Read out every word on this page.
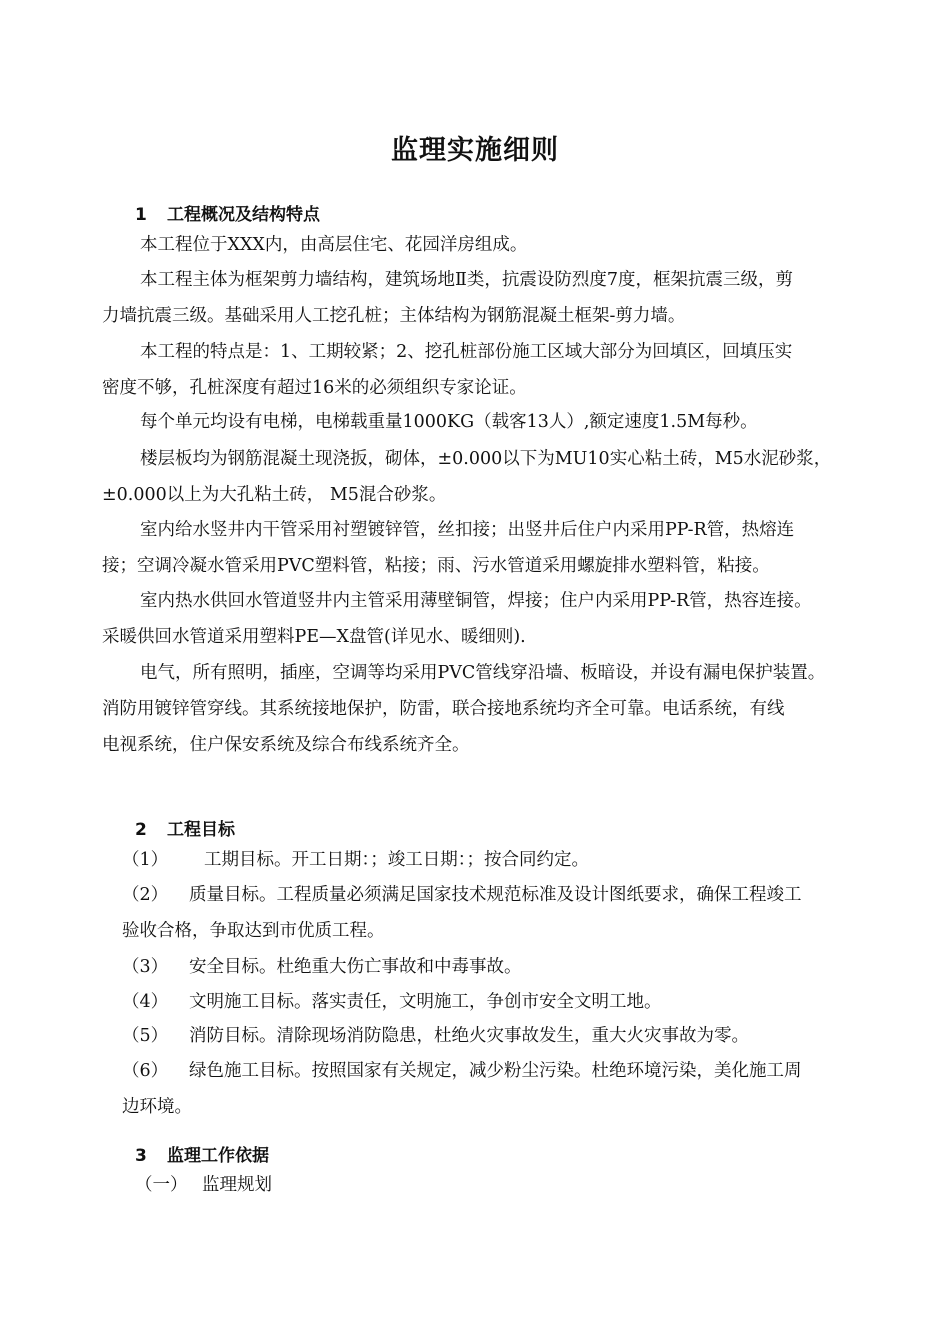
监理实施细则
1 工程概况及结构特点
本工程位于XXX内，由高层住宅、花园洋房组成。
本工程主体为框架剪力墙结构，建筑场地Ⅱ类，抗震设防烈度7度，框架抗震三级，剪
力墙抗震三级。基础采用人工挖孔桩；主体结构为钢筋混凝土框架-剪力墙。
本工程的特点是：1、工期较紧；2、挖孔桩部份施工区域大部分为回填区，回填压实
密度不够，孔桩深度有超过16米的必须组织专家论证。
每个单元均设有电梯，电梯载重量1000KG（载客13人）,额定速度1.5M每秒。
楼层板均为钢筋混凝土现浇扳，砌体，±0.000以下为MU10实心粘土砖，M5水泥砂浆，
±0.000以上为大孔粘土砖， M5混合砂浆。
室内给水竖井内干管采用衬塑镀锌管，丝扣接；出竖井后住户内采用PP-R管，热熔连
接；空调冷凝水管采用PVC塑料管，粘接；雨、污水管道采用螺旋排水塑料管，粘接。
室内热水供回水管道竖井内主管采用薄壁铜管，焊接；住户内采用PP-R管，热容连接。
采暖供回水管道采用塑料PE—X盘管(详见水、暖细则).
电气，所有照明，插座，空调等均采用PVC管线穿沿墙、板暗设，并设有漏电保护装置。
消防用镀锌管穿线。其系统接地保护，防雷，联合接地系统均齐全可靠。电话系统，有线
电视系统，住户保安系统及综合布线系统齐全。
2 工程目标
（1） 工期目标。开工日期：；竣工日期：；按合同约定。
（2） 质量目标。工程质量必须满足国家技术规范标准及设计图纸要求，确保工程竣工
验收合格，争取达到市优质工程。
（3） 安全目标。杜绝重大伤亡事故和中毒事故。
（4） 文明施工目标。落实责任，文明施工，争创市安全文明工地。
（5） 消防目标。清除现场消防隐患，杜绝火灾事故发生，重大火灾事故为零。
（6） 绿色施工目标。按照国家有关规定，减少粉尘污染。杜绝环境污染，美化施工周
边环境。
3 监理工作依据
（一） 监理规划
